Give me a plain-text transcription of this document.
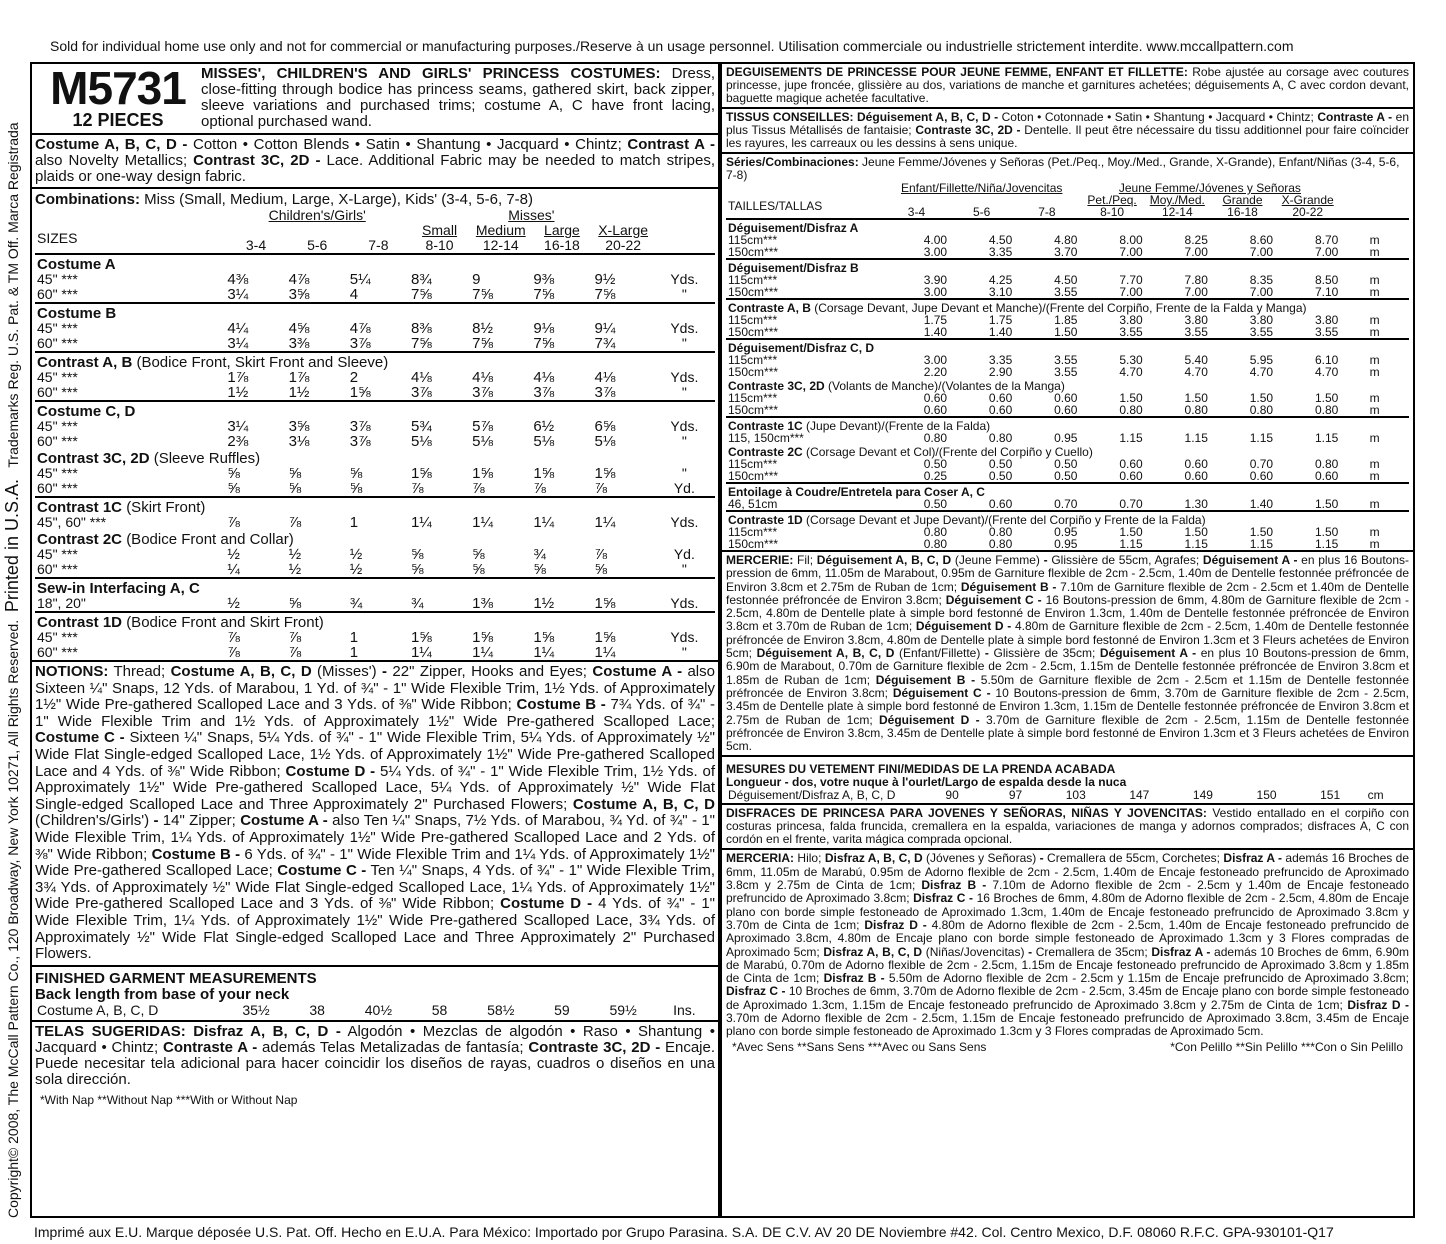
Sold for individual home use only and not for commercial or manufacturing purposes./Reserve à un usage personnel. Utilisation commerciale ou industrielle strictement interdite. www.mccallpattern.com
Copyright© 2008, The McCall Pattern Co., 120 Broadway, New York 10271, All Rights Reserved.  Printed in U.S.A.   Trademarks Reg. U.S. Pat. & TM Off. Marca Registrada
M5731
12 PIECES
MISSES', CHILDREN'S AND GIRLS' PRINCESS COSTUMES: Dress, close-fitting through bodice has princess seams, gathered skirt, back zipper, sleeve variations and purchased trims; costume A, C have front lacing, optional purchased wand.
Costume A, B, C, D - Cotton • Cotton Blends • Satin • Shantung • Jacquard • Chintz; Contrast A - also Novelty Metallics; Contrast 3C, 2D - Lace. Additional Fabric may be needed to match stripes, plaids or one-way design fabric.
Combinations: Miss (Small, Medium, Large, X-Large), Kids' (3-4, 5-6, 7-8)
	Children's/Girls'			Misses'				
SIZES				Small	Medium	Large	X-Large	
	3-4	5-6	7-8	8-10	12-14	16-18	20-22	
Costume A								
45" ***	4⅜	4⅞	5¼	8¾	9	9⅜	9½	Yds.
60" ***	3¼	3⅝	4	7⅝	7⅝	7⅝	7⅝	"
Costume B								
45" ***	4¼	4⅝	4⅞	8⅜	8½	9⅛	9¼	Yds.
60" ***	3¼	3⅜	3⅞	7⅝	7⅝	7⅝	7¾	"
Contrast A, B (Bodice Front, Skirt Front and Sleeve)								
45" ***	1⅞	1⅞	2	4⅛	4⅛	4⅛	4⅛	Yds.
60" ***	1½	1½	1⅝	3⅞	3⅞	3⅞	3⅞	"
Costume C, D								
45" ***	3¼	3⅝	3⅞	5¾	5⅞	6½	6⅝	Yds.
60" ***	2⅜	3⅛	3⅞	5⅛	5⅛	5⅛	5⅛	"
Contrast 3C, 2D (Sleeve Ruffles)								
45" ***	⅝	⅝	⅝	1⅝	1⅝	1⅝	1⅝	"
60" ***	⅝	⅝	⅝	⅞	⅞	⅞	⅞	Yd.
Contrast 1C (Skirt Front)								
45", 60" ***	⅞	⅞	1	1¼	1¼	1¼	1¼	Yds.
Contrast 2C (Bodice Front and Collar)								
45" ***	½	½	½	⅝	⅝	¾	⅞	Yd.
60" ***	¼	½	½	⅝	⅝	⅝	⅝	"
Sew-in Interfacing A, C								
18", 20"	½	⅝	¾	¾	1⅜	1½	1⅝	Yds.
Contrast 1D (Bodice Front and Skirt Front)								
45" ***	⅞	⅞	1	1⅝	1⅝	1⅝	1⅝	Yds.
60" ***	⅞	⅞	1	1¼	1¼	1¼	1¼	"
NOTIONS: Thread; Costume A, B, C, D (Misses') - 22" Zipper, Hooks and Eyes; Costume A - also Sixteen ¼" Snaps, 12 Yds. of Marabou, 1 Yd. of ¾" - 1" Wide Flexible Trim, 1½ Yds. of Approximately 1½" Wide Pre-gathered Scalloped Lace and 3 Yds. of ⅜" Wide Ribbon; Costume B - 7¾ Yds. of ¾" - 1" Wide Flexible Trim and 1½ Yds. of Approximately 1½" Wide Pre-gathered Scalloped Lace; Costume C - Sixteen ¼" Snaps, 5¼ Yds. of ¾" - 1" Wide Flexible Trim, 5¼ Yds. of Approximately ½" Wide Flat Single-edged Scalloped Lace, 1½ Yds. of Approximately 1½" Wide Pre-gathered Scalloped Lace and 4 Yds. of ⅜" Wide Ribbon; Costume D - 5¼ Yds. of ¾" - 1" Wide Flexible Trim, 1½ Yds. of Approximately 1½" Wide Pre-gathered Scalloped Lace, 5¼ Yds. of Approximately ½" Wide Flat Single-edged Scalloped Lace and Three Approximately 2" Purchased Flowers; Costume A, B, C, D (Children's/Girls') - 14" Zipper; Costume A - also Ten ¼" Snaps, 7½ Yds. of Marabou, ¾ Yd. of ¾" - 1" Wide Flexible Trim, 1¼ Yds. of Approximately 1½" Wide Pre-gathered Scalloped Lace and 2 Yds. of ⅜" Wide Ribbon; Costume B - 6 Yds. of ¾" - 1" Wide Flexible Trim and 1¼ Yds. of Approximately 1½" Wide Pre-gathered Scalloped Lace; Costume C - Ten ¼" Snaps, 4 Yds. of ¾" - 1" Wide Flexible Trim, 3¾ Yds. of Approximately ½" Wide Flat Single-edged Scalloped Lace, 1¼ Yds. of Approximately 1½" Wide Pre-gathered Scalloped Lace and 3 Yds. of ⅜" Wide Ribbon; Costume D - 4 Yds. of ¾" - 1" Wide Flexible Trim, 1¼ Yds. of Approximately 1½" Wide Pre-gathered Scalloped Lace, 3¾ Yds. of Approximately ½" Wide Flat Single-edged Scalloped Lace and Three Approximately 2" Purchased Flowers.
FINISHED GARMENT MEASUREMENTS
Back length from base of your neck
Costume A, B, C, D	35½	38	40½	58	58½	59	59½	Ins.
TELAS SUGERIDAS: Disfraz A, B, C, D - Algodón • Mezclas de algodón • Raso • Shantung • Jacquard • Chintz; Contraste A - además Telas Metalizadas de fantasía; Contraste 3C, 2D - Encaje. Puede necesitar tela adicional para hacer coincidir los diseños de rayas, cuadros o diseños en una sola dirección.
*With Nap **Without Nap ***With or Without Nap
DEGUISEMENTS DE PRINCESSE POUR JEUNE FEMME, ENFANT ET FILLETTE: Robe ajustée au corsage avec coutures princesse, jupe froncée, glissière au dos, variations de manche et garnitures achetées; déguisements A, C avec cordon devant, baguette magique achetée facultative.
TISSUS CONSEILLES: Déguisement A, B, C, D - Coton • Cotonnade • Satin • Shantung • Jacquard • Chintz; Contraste A - en plus Tissus Métallisés de fantaisie; Contraste 3C, 2D - Dentelle. Il peut être nécessaire du tissu additionnel pour faire coïncider les rayures, les carreaux ou les dessins à sens unique.
Séries/Combinaciones: Jeune Femme/Jóvenes y Señoras (Pet./Peq., Moy./Med., Grande, X-Grande), Enfant/Niñas (3-4, 5-6, 7-8)
	Enfant/Fillette/Niña/Jovencitas			Jeune Femme/Jóvenes y Señoras				
TAILLES/TALLAS				Pet./Peq.	Moy./Med.	Grande	X-Grande	
	3-4	5-6	7-8	8-10	12-14	16-18	20-22	
Déguisement/Disfraz A								
115cm***	4.00	4.50	4.80	8.00	8.25	8.60	8.70	m
150cm***	3.00	3.35	3.70	7.00	7.00	7.00	7.00	m
Déguisement/Disfraz B								
115cm***	3.90	4.25	4.50	7.70	7.80	8.35	8.50	m
150cm***	3.00	3.10	3.55	7.00	7.00	7.00	7.10	m
Contraste A, B (Corsage Devant, Jupe Devant et Manche)/(Frente del Corpiño, Frente de la Falda y Manga)								
115cm***	1.75	1.75	1.85	3.80	3.80	3.80	3.80	m
150cm***	1.40	1.40	1.50	3.55	3.55	3.55	3.55	m
Déguisement/Disfraz C, D								
115cm***	3.00	3.35	3.55	5.30	5.40	5.95	6.10	m
150cm***	2.20	2.90	3.55	4.70	4.70	4.70	4.70	m
Contraste 3C, 2D (Volants de Manche)/(Volantes de la Manga)								
115cm***	0.60	0.60	0.60	1.50	1.50	1.50	1.50	m
150cm***	0.60	0.60	0.60	0.80	0.80	0.80	0.80	m
Contraste 1C (Jupe Devant)/(Frente de la Falda)								
115, 150cm***	0.80	0.80	0.95	1.15	1.15	1.15	1.15	m
Contraste 2C (Corsage Devant et Col)/(Frente del Corpiño y Cuello)								
115cm***	0.50	0.50	0.50	0.60	0.60	0.70	0.80	m
150cm***	0.25	0.50	0.50	0.60	0.60	0.60	0.60	m
Entoilage à Coudre/Entretela para Coser A, C								
46, 51cm	0.50	0.60	0.70	0.70	1.30	1.40	1.50	m
Contraste 1D (Corsage Devant et Jupe Devant)/(Frente del Corpiño y Frente de la Falda)								
115cm***	0.80	0.80	0.95	1.50	1.50	1.50	1.50	m
150cm***	0.80	0.80	0.95	1.15	1.15	1.15	1.15	m
MERCERIE: Fil; Déguisement A, B, C, D (Jeune Femme) - Glissière de 55cm, Agrafes; Déguisement A - en plus 16 Boutons-pression de 6mm, 11.05m de Marabout, 0.95m de Garniture flexible de 2cm - 2.5cm, 1.40m de Dentelle festonnée préfroncée de Environ 3.8cm et 2.75m de Ruban de 1cm; Déguisement B - 7.10m de Garniture flexible de 2cm - 2.5cm et 1.40m de Dentelle festonnée préfroncée de Environ 3.8cm; Déguisement C - 16 Boutons-pression de 6mm, 4.80m de Garniture flexible de 2cm - 2.5cm, 4.80m de Dentelle plate à simple bord festonné de Environ 1.3cm, 1.40m de Dentelle festonnée préfroncée de Environ 3.8cm et 3.70m de Ruban de 1cm; Déguisement D - 4.80m de Garniture flexible de 2cm - 2.5cm, 1.40m de Dentelle festonnée préfroncée de Environ 3.8cm, 4.80m de Dentelle plate à simple bord festonné de Environ 1.3cm et 3 Fleurs achetées de Environ 5cm; Déguisement A, B, C, D (Enfant/Fillette) - Glissière de 35cm; Déguisement A - en plus 10 Boutons-pression de 6mm, 6.90m de Marabout, 0.70m de Garniture flexible de 2cm - 2.5cm, 1.15m de Dentelle festonnée préfroncée de Environ 3.8cm et 1.85m de Ruban de 1cm; Déguisement B - 5.50m de Garniture flexible de 2cm - 2.5cm et 1.15m de Dentelle festonnée préfroncée de Environ 3.8cm; Déguisement C - 10 Boutons-pression de 6mm, 3.70m de Garniture flexible de 2cm - 2.5cm, 3.45m de Dentelle plate à simple bord festonné de Environ 1.3cm, 1.15m de Dentelle festonnée préfroncée de Environ 3.8cm et 2.75m de Ruban de 1cm; Déguisement D - 3.70m de Garniture flexible de 2cm - 2.5cm, 1.15m de Dentelle festonnée préfroncée de Environ 3.8cm, 3.45m de Dentelle plate à simple bord festonné de Environ 1.3cm et 3 Fleurs achetées de Environ 5cm.
MESURES DU VETEMENT FINI/MEDIDAS DE LA PRENDA ACABADA
Longueur - dos, votre nuque à l'ourlet/Largo de espalda desde la nuca
Déguisement/Disfraz A, B, C, D	90	97	103	147	149	150	151	cm
DISFRACES DE PRINCESA PARA JOVENES Y SEÑORAS, NIÑAS Y JOVENCITAS: Vestido entallado en el corpiño con costuras princesa, falda fruncida, cremallera en la espalda, variaciones de manga y adornos comprados; disfraces A, C con cordón en el frente, varita mágica comprada opcional.
MERCERIA: Hilo; Disfraz A, B, C, D (Jóvenes y Señoras) - Cremallera de 55cm, Corchetes; Disfraz A - además 16 Broches de 6mm, 11.05m de Marabú, 0.95m de Adorno flexible de 2cm - 2.5cm, 1.40m de Encaje festoneado prefruncido de Aproximado 3.8cm y 2.75m de Cinta de 1cm; Disfraz B - 7.10m de Adorno flexible de 2cm - 2.5cm y 1.40m de Encaje festoneado prefruncido de Aproximado 3.8cm; Disfraz C - 16 Broches de 6mm, 4.80m de Adorno flexible de 2cm - 2.5cm, 4.80m de Encaje plano con borde simple festoneado de Aproximado 1.3cm, 1.40m de Encaje festoneado prefruncido de Aproximado 3.8cm y 3.70m de Cinta de 1cm; Disfraz D - 4.80m de Adorno flexible de 2cm - 2.5cm, 1.40m de Encaje festoneado prefruncido de Aproximado 3.8cm, 4.80m de Encaje plano con borde simple festoneado de Aproximado 1.3cm y 3 Flores compradas de Aproximado 5cm; Disfraz A, B, C, D (Niñas/Jovencitas) - Cremallera de 35cm; Disfraz A - además 10 Broches de 6mm, 6.90m de Marabú, 0.70m de Adorno flexible de 2cm - 2.5cm, 1.15m de Encaje festoneado prefruncido de Aproximado 3.8cm y 1.85m de Cinta de 1cm; Disfraz B - 5.50m de Adorno flexible de 2cm - 2.5cm y 1.15m de Encaje prefruncido de Aproximado 3.8cm; Disfraz C - 10 Broches de 6mm, 3.70m de Adorno flexible de 2cm - 2.5cm, 3.45m de Encaje plano con borde simple festoneado de Aproximado 1.3cm, 1.15m de Encaje festoneado prefruncido de Aproximado 3.8cm y 2.75m de Cinta de 1cm; Disfraz D - 3.70m de Adorno flexible de 2cm - 2.5cm, 1.15m de Encaje festoneado prefruncido de Aproximado 3.8cm, 3.45m de Encaje plano con borde simple festoneado de Aproximado 1.3cm y 3 Flores compradas de Aproximado 5cm.
*Avec Sens **Sans Sens ***Avec ou Sans Sens	*Con Pelillo **Sin Pelillo ***Con o Sin Pelillo
Imprimé aux E.U. Marque déposée U.S. Pat. Off. Hecho en E.U.A. Para México: Importado por Grupo Parasina. S.A. DE C.V. AV 20 DE Noviembre #42. Col. Centro Mexico, D.F. 08060 R.F.C. GPA-930101-Q17
